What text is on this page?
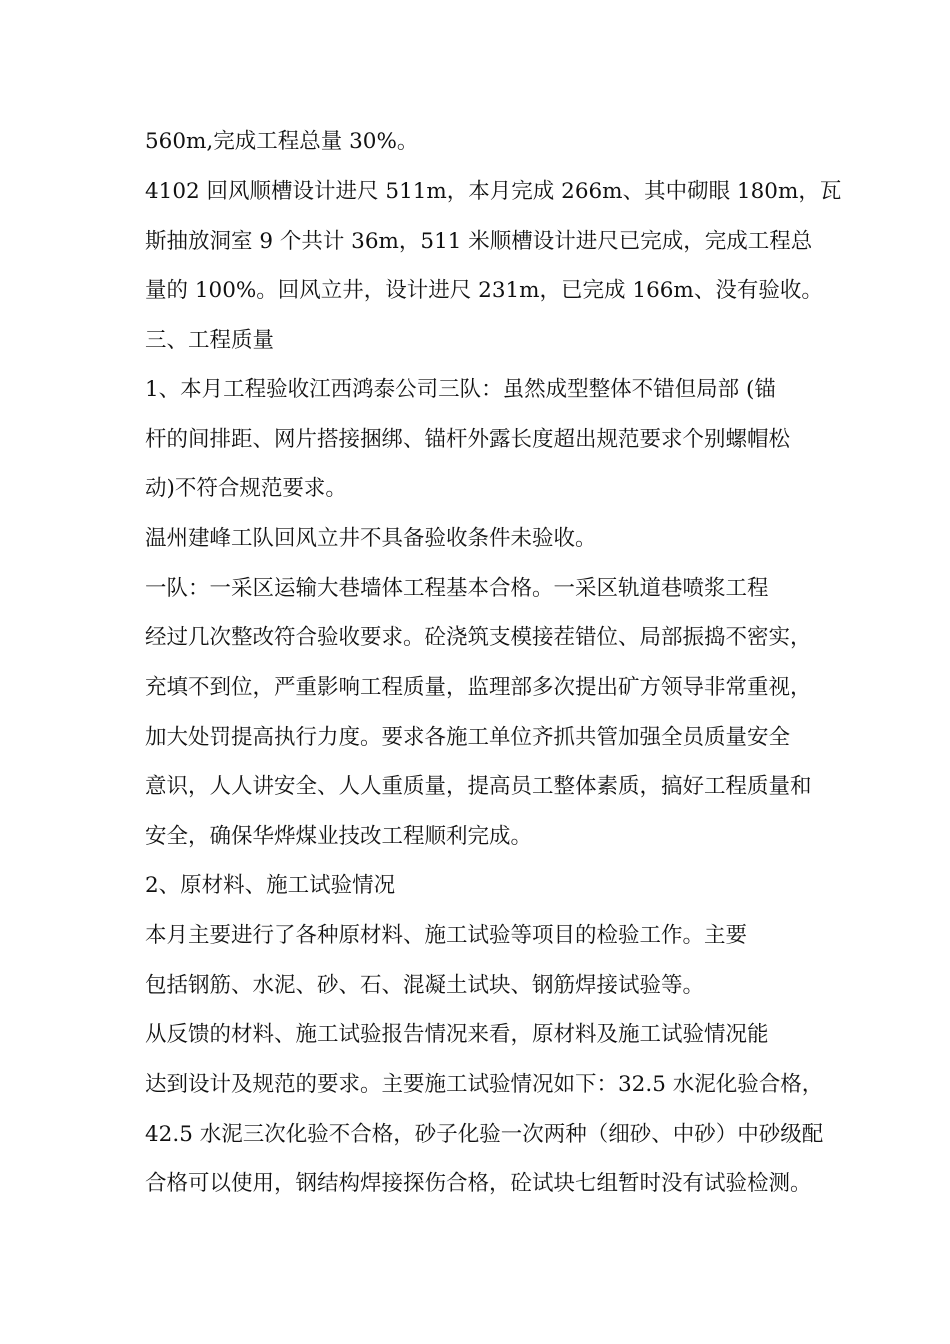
560m,完成工程总量 30%。
4102 回风顺槽设计进尺 511m，本月完成 266m、其中砌眼 180m，瓦
斯抽放洞室 9 个共计 36m，511 米顺槽设计进尺已完成，完成工程总
量的 100%。回风立井，设计进尺 231m，已完成 166m、没有验收。
三、工程质量
1、本月工程验收江西鸿泰公司三队：虽然成型整体不错但局部 (锚
杆的间排距、网片搭接捆绑、锚杆外露长度超出规范要求个别螺帽松
动)不符合规范要求。
温州建峰工队回风立井不具备验收条件未验收。
一队：一采区运输大巷墙体工程基本合格。一采区轨道巷喷浆工程
经过几次整改符合验收要求。砼浇筑支模接茬错位、局部振捣不密实，
充填不到位，严重影响工程质量，监理部多次提出矿方领导非常重视，
加大处罚提高执行力度。要求各施工单位齐抓共管加强全员质量安全
意识，人人讲安全、人人重质量，提高员工整体素质，搞好工程质量和
安全，确保华烨煤业技改工程顺利完成。
2、原材料、施工试验情况
本月主要进行了各种原材料、施工试验等项目的检验工作。主要
包括钢筋、水泥、砂、石、混凝土试块、钢筋焊接试验等。
从反馈的材料、施工试验报告情况来看，原材料及施工试验情况能
达到设计及规范的要求。主要施工试验情况如下：32.5 水泥化验合格，
42.5 水泥三次化验不合格，砂子化验一次两种（细砂、中砂）中砂级配
合格可以使用，钢结构焊接探伤合格，砼试块七组暂时没有试验检测。
